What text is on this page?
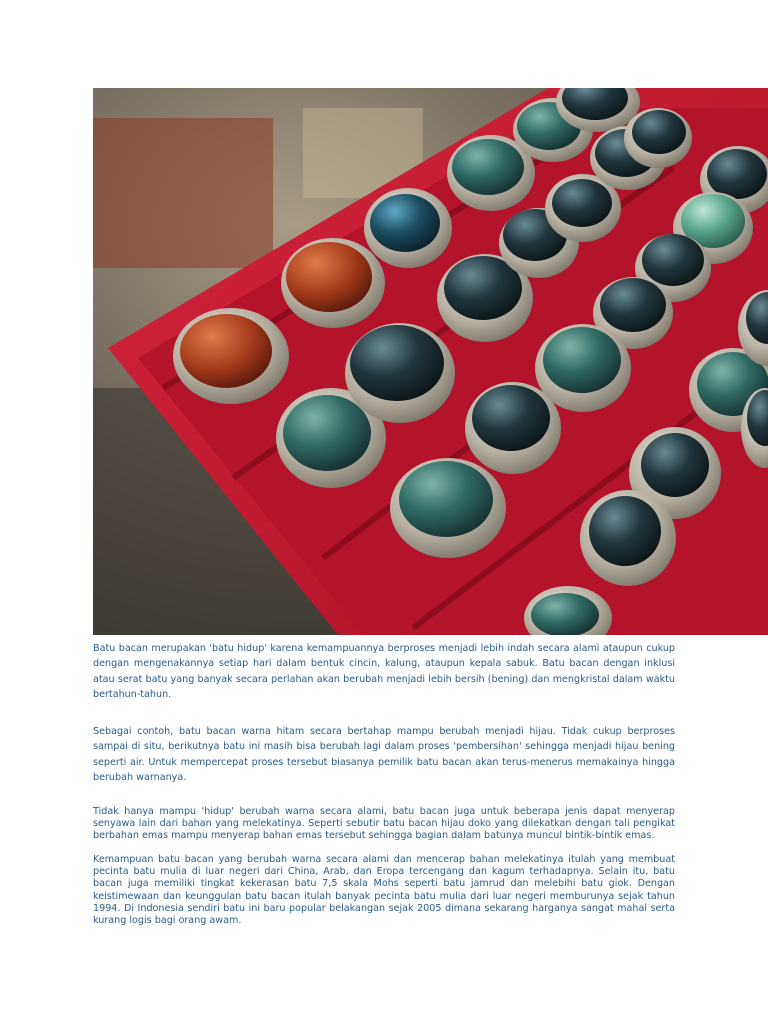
Batu bacan merupakan 'batu hidup' karena kemampuannya berproses menjadi lebih indah secara alami ataupun cukup dengan mengenakannya setiap hari dalam bentuk cincin, kalung, ataupun kepala sabuk. Batu bacan dengan inklusi atau serat batu yang banyak secara perlahan akan berubah menjadi lebih bersih (bening) dan mengkristal dalam waktu bertahun-tahun.

Sebagai contoh, batu bacan warna hitam secara bertahap mampu berubah menjadi hijau. Tidak cukup berproses sampai di situ, berikutnya batu ini masih bisa berubah lagi dalam proses 'pembersihan' sehingga menjadi hijau bening seperti air. Untuk mempercepat proses tersebut biasanya pemilik batu bacan akan terus-menerus memakainya hingga berubah warnanya.

Tidak hanya mampu 'hidup' berubah warna secara alami, batu bacan juga untuk beberapa jenis dapat menyerap senyawa lain dari bahan yang melekatinya. Seperti sebutir batu bacan hijau doko yang dilekatkan dengan tali pengikat berbahan emas mampu menyerap bahan emas tersebut sehingga bagian dalam batunya muncul bintik-bintik emas.

Kemampuan batu bacan yang berubah warna secara alami dan mencerap bahan melekatinya itulah yang membuat pecinta batu mulia di luar negeri dari China, Arab, dan Eropa tercengang dan kagum terhadapnya. Selain itu, batu bacan juga memiliki tingkat kekerasan batu 7,5 skala Mohs seperti batu jamrud dan melebihi batu giok. Dengan keistimewaan dan keunggulan batu bacan itulah banyak pecinta batu mulia dari luar negeri memburunya sejak tahun 1994. Di Indonesia sendiri batu ini baru popular belakangan sejak 2005 dimana sekarang harganya sangat mahal serta kurang logis bagi orang awam.
